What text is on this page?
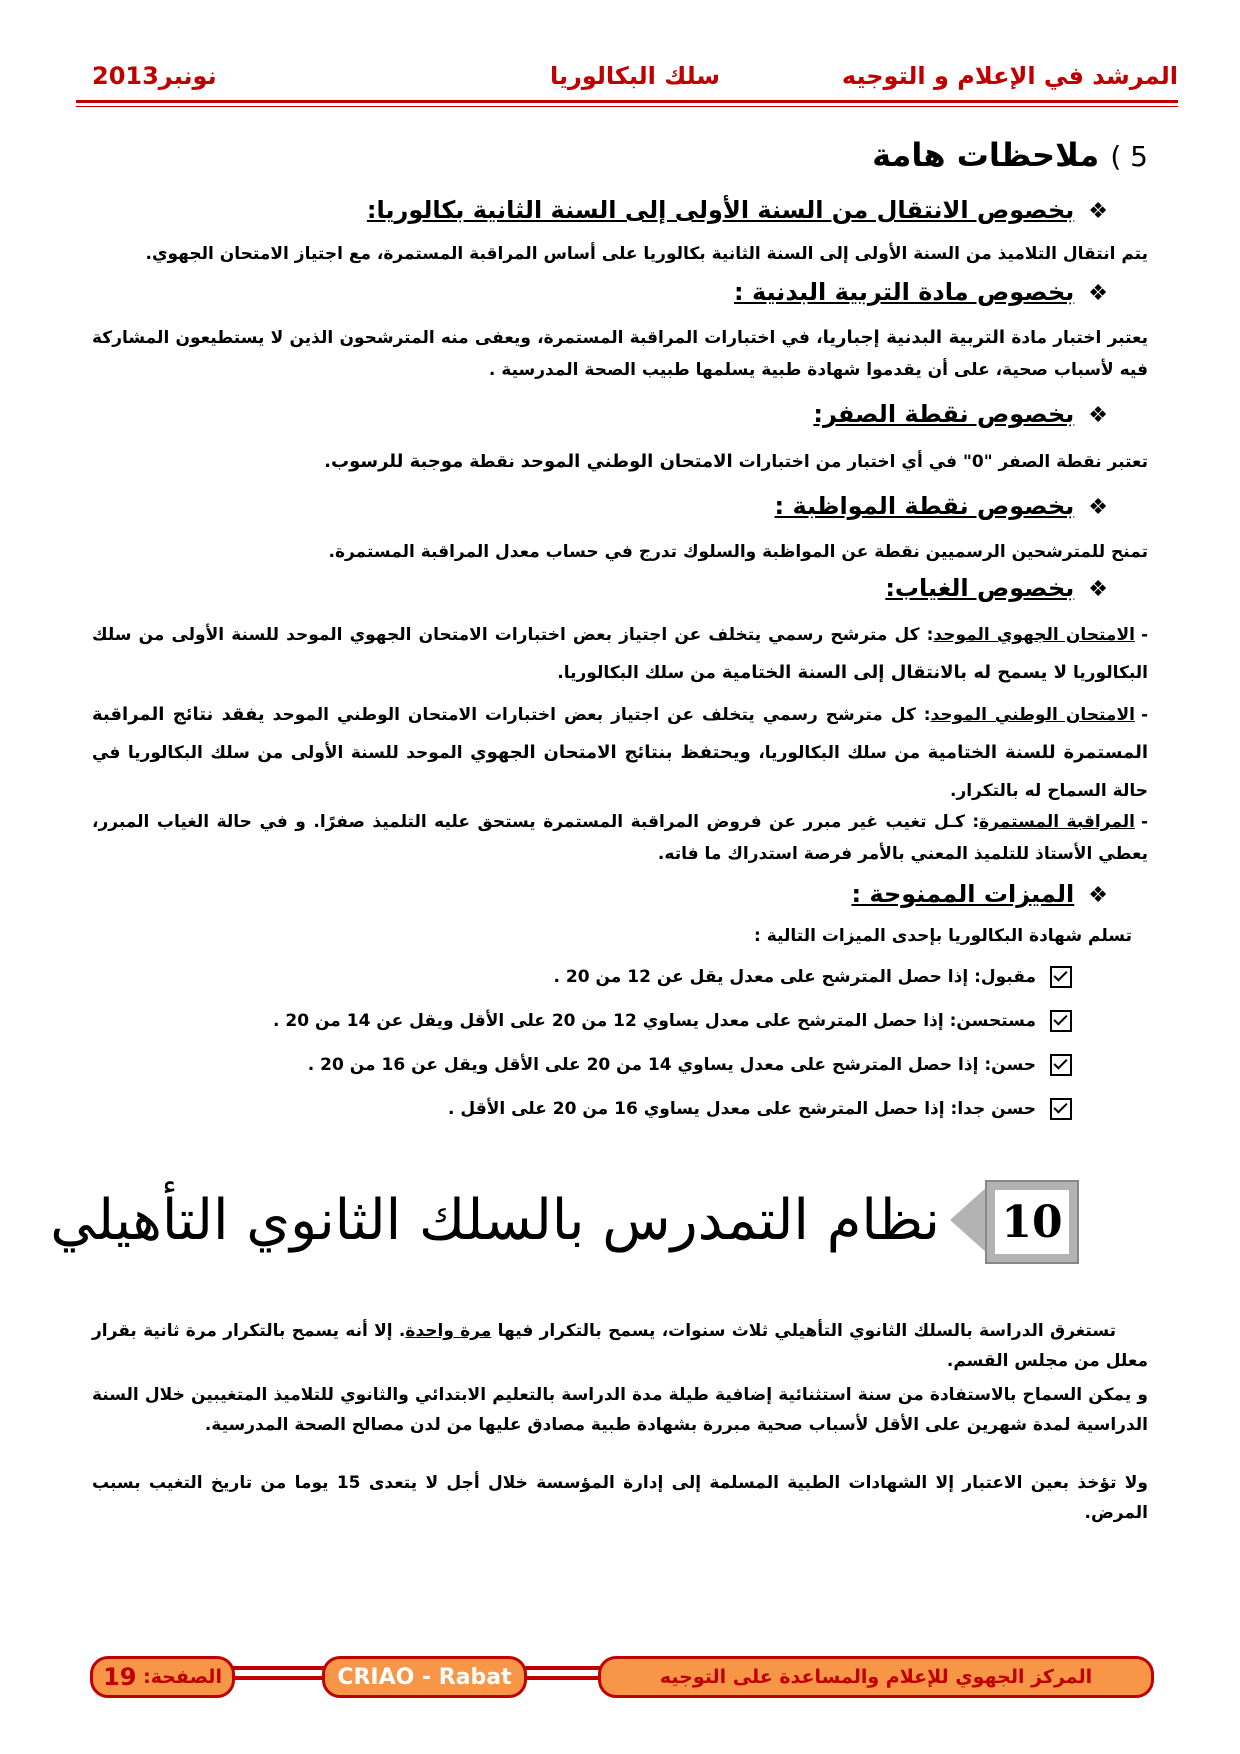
المرشد في الإعلام و التوجيه
سلك البكالوريا
نونبر2013
5 ) ملاحظات هامة
❖بخصوص الانتقال من السنة الأولى إلى السنة الثانية بكالوريا:
يتم انتقال التلاميذ من السنة الأولى إلى السنة الثانية بكالوريا على أساس المراقبة المستمرة، مع اجتياز الامتحان الجهوي.
❖بخصوص مادة التربية البدنية :
يعتبر اختبار مادة التربية البدنية إجباريا، في اختبارات المراقبة المستمرة، ويعفى منه المترشحون الذين لا يستطيعون المشاركة فيه لأسباب صحية، على أن يقدموا شهادة طبية يسلمها طبيب الصحة المدرسية .
❖بخصوص نقطة الصفر:
تعتبر نقطة الصفر "0" في أي اختبار من اختبارات الامتحان الوطني الموحد نقطة موجبة للرسوب.
❖بخصوص نقطة المواظبة :
تمنح للمترشحين الرسميين نقطة عن المواظبة والسلوك تدرج في حساب معدل المراقبة المستمرة.
❖بخصوص الغياب:
-الامتحان الجهوي الموحد: كل مترشح رسمي يتخلف عن اجتياز بعض اختبارات الامتحان الجهوي الموحد للسنة الأولى من سلك البكالوريا لا يسمح له بالانتقال إلى السنة الختامية من سلك البكالوريا.
-الامتحان الوطني الموحد: كل مترشح رسمي يتخلف عن اجتياز بعض اختبارات الامتحان الوطني الموحد يفقد نتائج المراقبة المستمرة للسنة الختامية من سلك البكالوريا، ويحتفظ بنتائج الامتحان الجهوي الموحد للسنة الأولى من سلك البكالوريا في حالة السماح له بالتكرار.
-المراقبة المستمرة: كـل تغيب غير مبرر عن فروض المراقبة المستمرة يستحق عليه التلميذ صفرًا. و في حالة الغياب المبرر، يعطي الأستاذ للتلميذ المعني بالأمر فرصة استدراك ما فاته.
❖الميزات الممنوحة :
تسلم شهادة البكالوريا بإحدى الميزات التالية :
مقبول: إذا حصل المترشح على معدل يقل عن 12 من 20 .
مستحسن: إذا حصل المترشح على معدل يساوي 12 من 20 على الأقل ويقل عن 14 من 20 .
حسن: إذا حصل المترشح على معدل يساوي 14 من 20 على الأقل ويقل عن 16 من 20 .
حسن جدا: إذا حصل المترشح على معدل يساوي 16 من 20 على الأقل .
10
نظام التمدرس بالسلك الثانوي التأهيلي
تستغرق الدراسة بالسلك الثانوي التأهيلي ثلاث سنوات، يسمح بالتكرار فيها مرة واحدة. إلا أنه يسمح بالتكرار مرة ثانية بقرار معلل من مجلس القسم.
و يمكن السماح بالاستفادة من سنة استثنائية إضافية طيلة مدة الدراسة بالتعليم الابتدائي والثانوي للتلاميذ المتغيبين خلال السنة الدراسية لمدة شهرين على الأقل لأسباب صحية مبررة بشهادة طبية مصادق عليها من لدن مصالح الصحة المدرسية.
ولا تؤخذ بعين الاعتبار إلا الشهادات الطبية المسلمة إلى إدارة المؤسسة خلال أجل لا يتعدى 15 يوما من تاريخ التغيب بسبب المرض.
الصفحة:

19	CRIAO - Rabat	المركز الجهوي للإعلام والمساعدة على التوجيه
